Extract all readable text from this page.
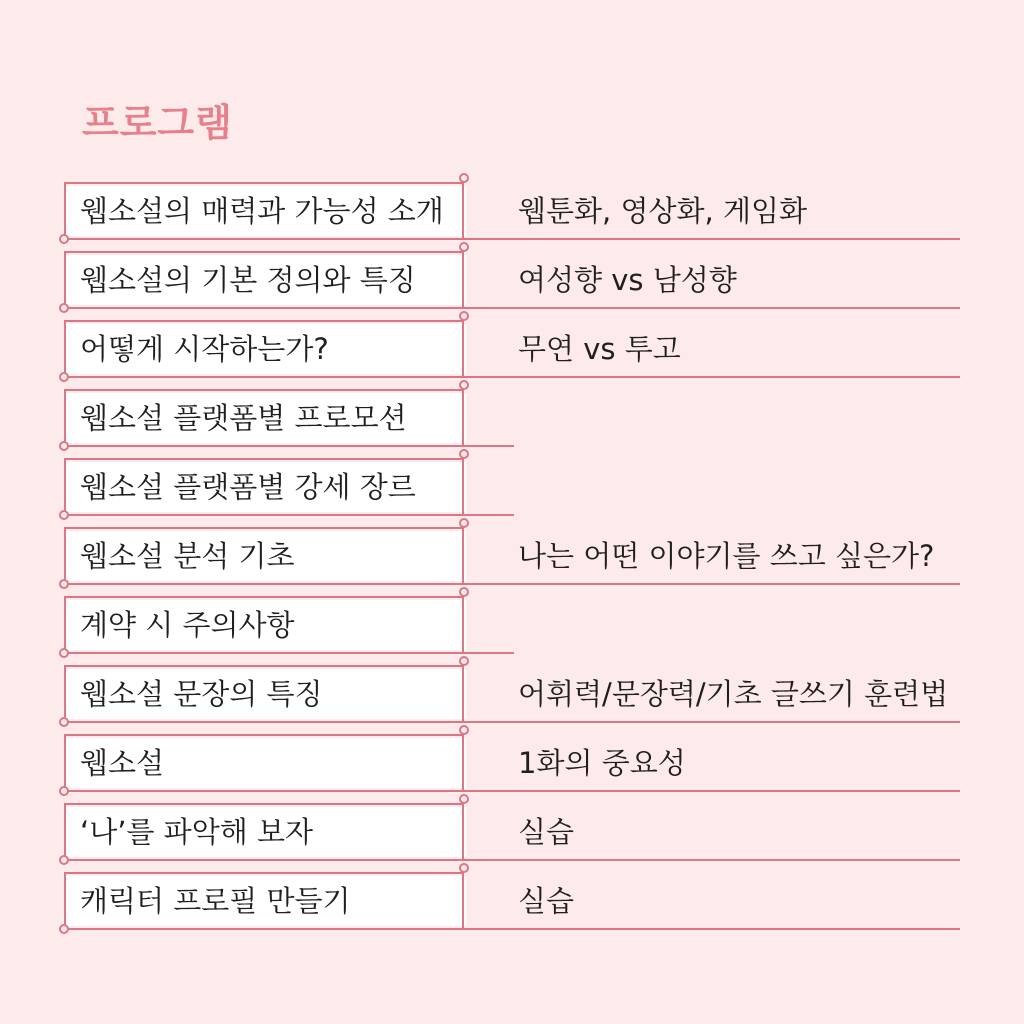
프로그램
웹소설의 매력과 가능성 소개	웹툰화, 영상화, 게임화
웹소설의 기본 정의와 특징	여성향 vs 남성향
어떻게 시작하는가?	무연 vs 투고
웹소설 플랫폼별 프로모션
웹소설 플랫폼별 강세 장르
웹소설 분석 기초	나는 어떤 이야기를 쓰고 싶은가?
계약 시 주의사항
웹소설 문장의 특징	어휘력/문장력/기초 글쓰기 훈련법
웹소설	1화의 중요성
‘나’를 파악해 보자	실습
캐릭터 프로필 만들기	실습
